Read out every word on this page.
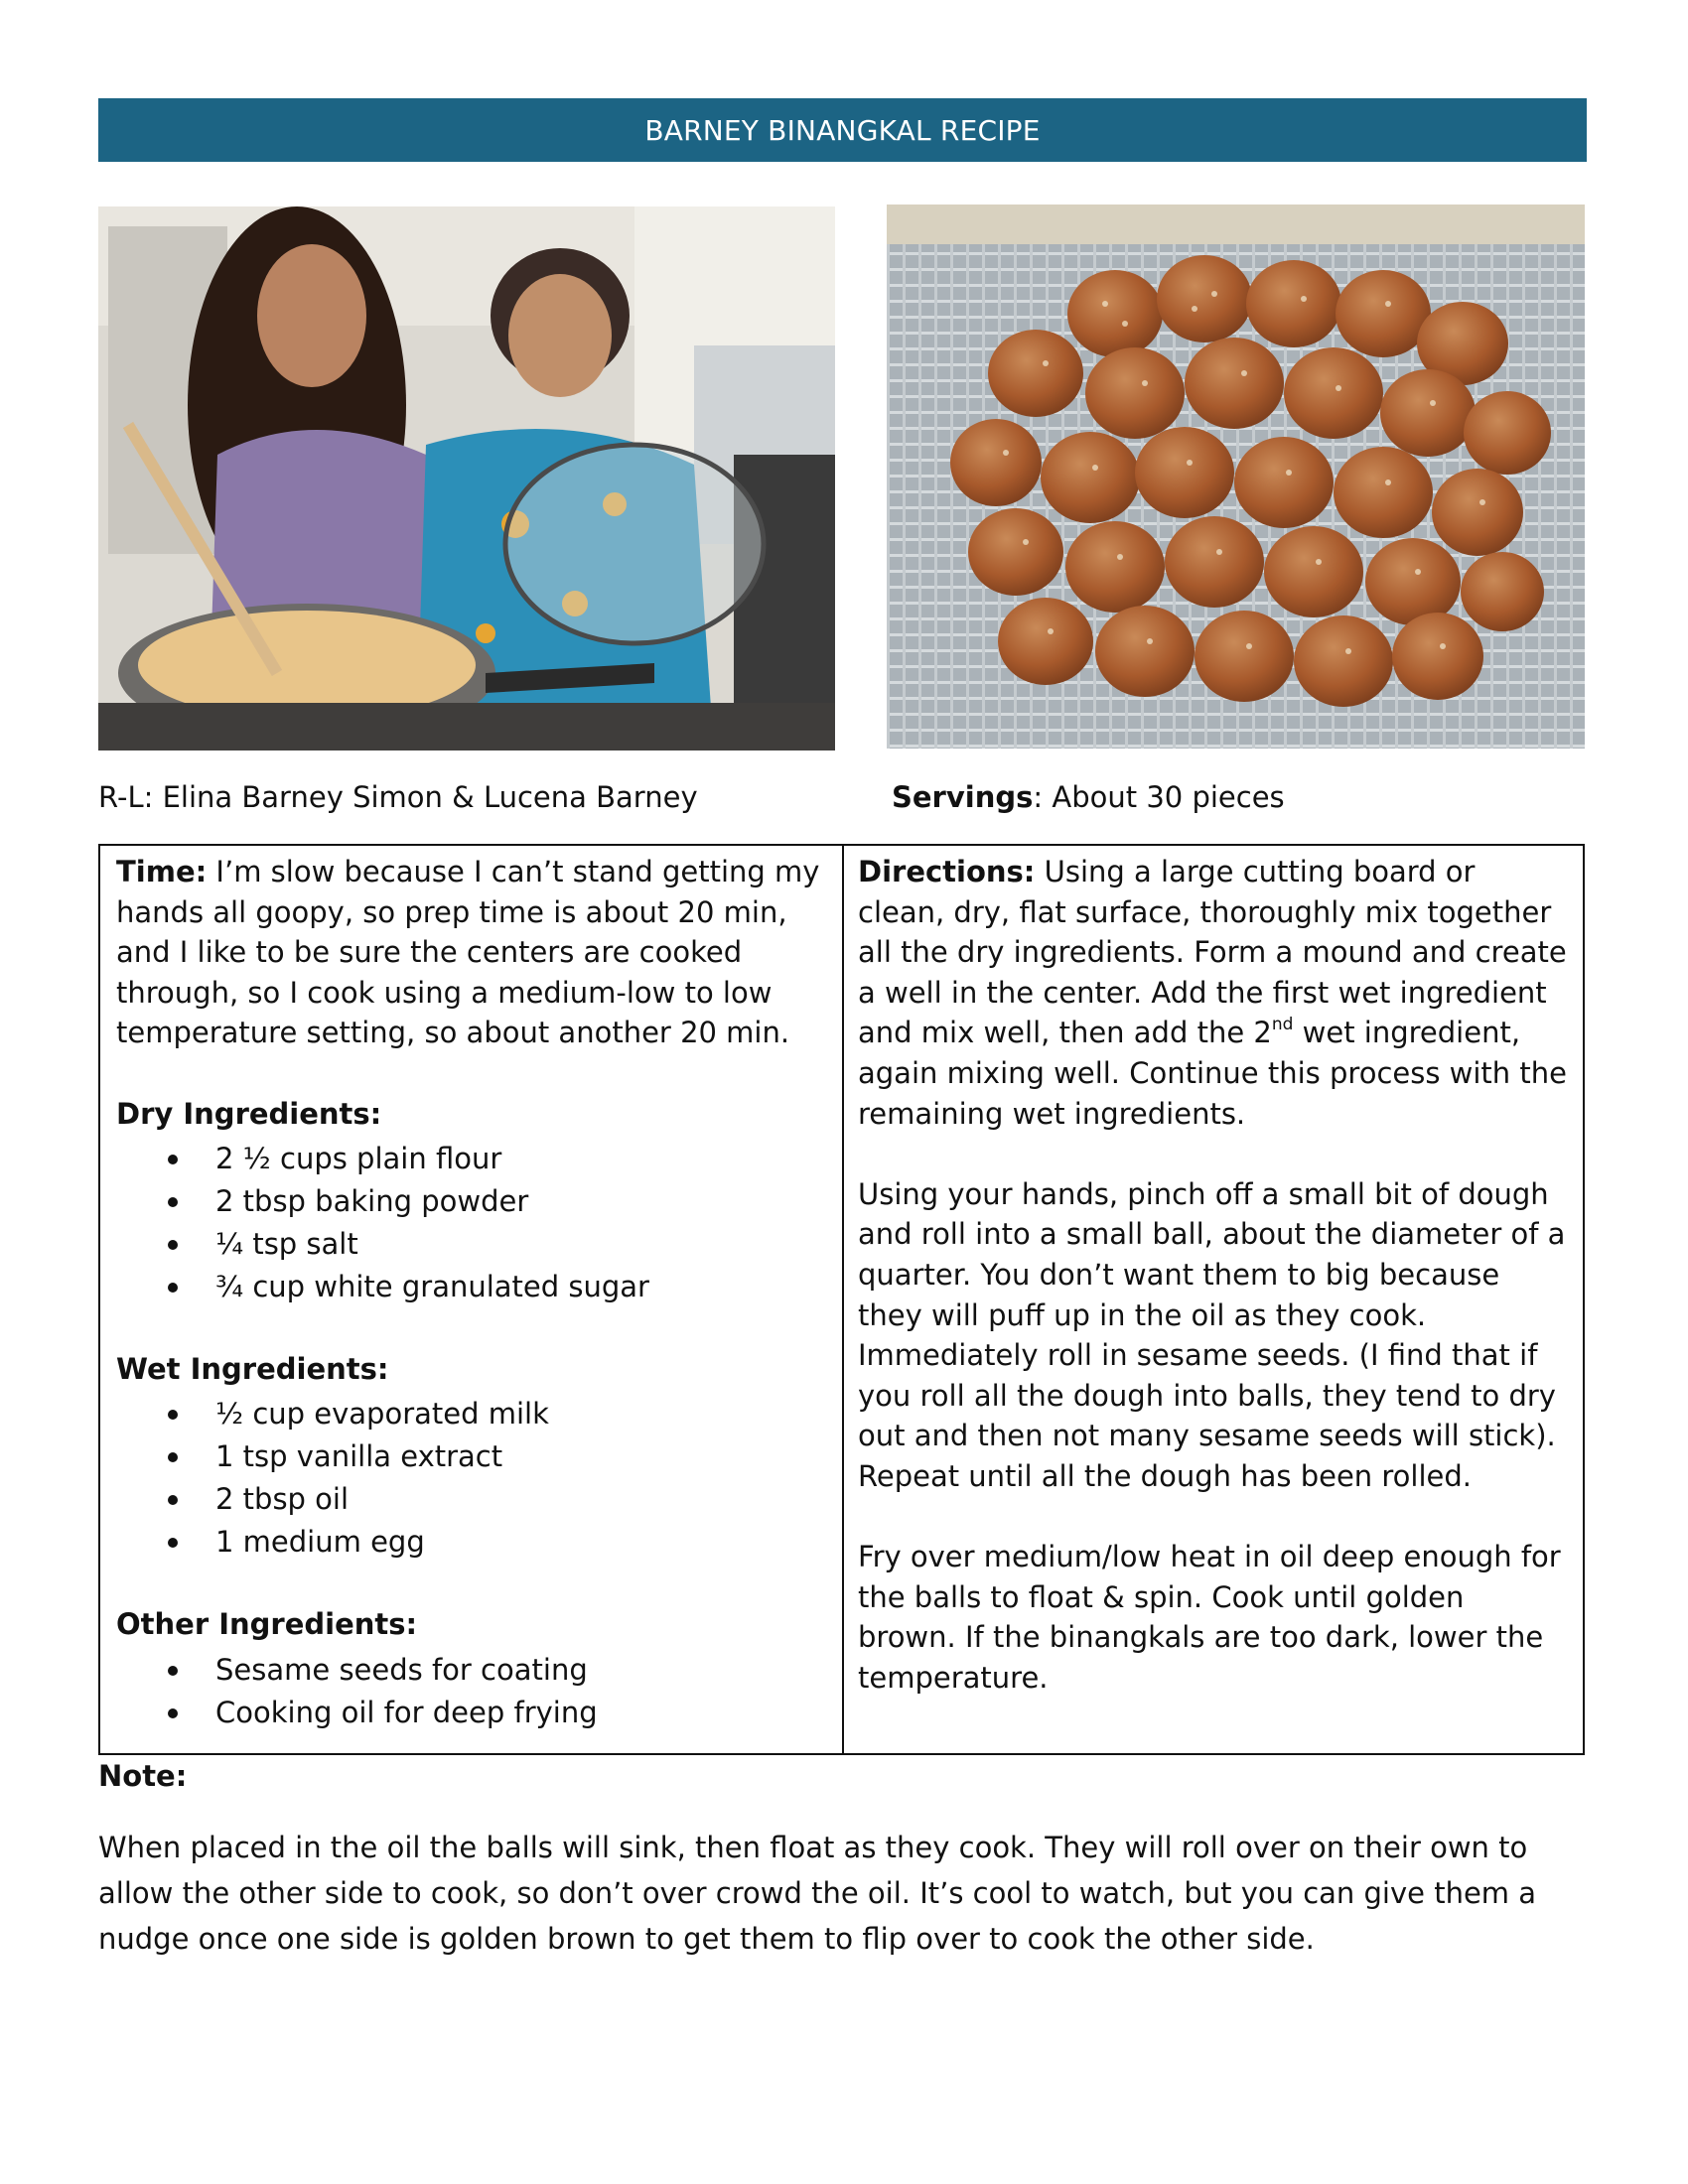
BARNEY BINANGKAL RECIPE
R-L: Elina Barney Simon & Lucena Barney	Servings: About 30 pieces

Time: I’m slow because I can’t stand getting my hands all goopy, so prep time is about 20 min, and I like to be sure the centers are cooked through, so I cook using a medium-low to low temperature setting, so about another 20 min.

Dry Ingredients:

2 ½ cups plain flour
2 tbsp baking powder
¼ tsp salt
¾ cup white granulated sugar

Wet Ingredients:

½ cup evaporated milk
1 tsp vanilla extract
2 tbsp oil
1 medium egg

Other Ingredients:

Sesame seeds for coating
Cooking oil for deep frying

Directions: Using a large cutting board or clean, dry, flat surface, thoroughly mix together all the dry ingredients. Form a mound and create a well in the center. Add the first wet ingredient and mix well, then add the 2nd wet ingredient, again mixing well. Continue this process with the remaining wet ingredients.

Using your hands, pinch off a small bit of dough and roll into a small ball, about the diameter of a quarter. You don’t want them to big because they will puff up in the oil as they cook. Immediately roll in sesame seeds. (I find that if you roll all the dough into balls, they tend to dry out and then not many sesame seeds will stick). Repeat until all the dough has been rolled.

Fry over medium/low heat in oil deep enough for the balls to float & spin. Cook until golden brown. If the binangkals are too dark, lower the temperature.

Note:
When placed in the oil the balls will sink, then float as they cook. They will roll over on their own to allow the other side to cook, so don’t over crowd the oil. It’s cool to watch, but you can give them a nudge once one side is golden brown to get them to flip over to cook the other side.
